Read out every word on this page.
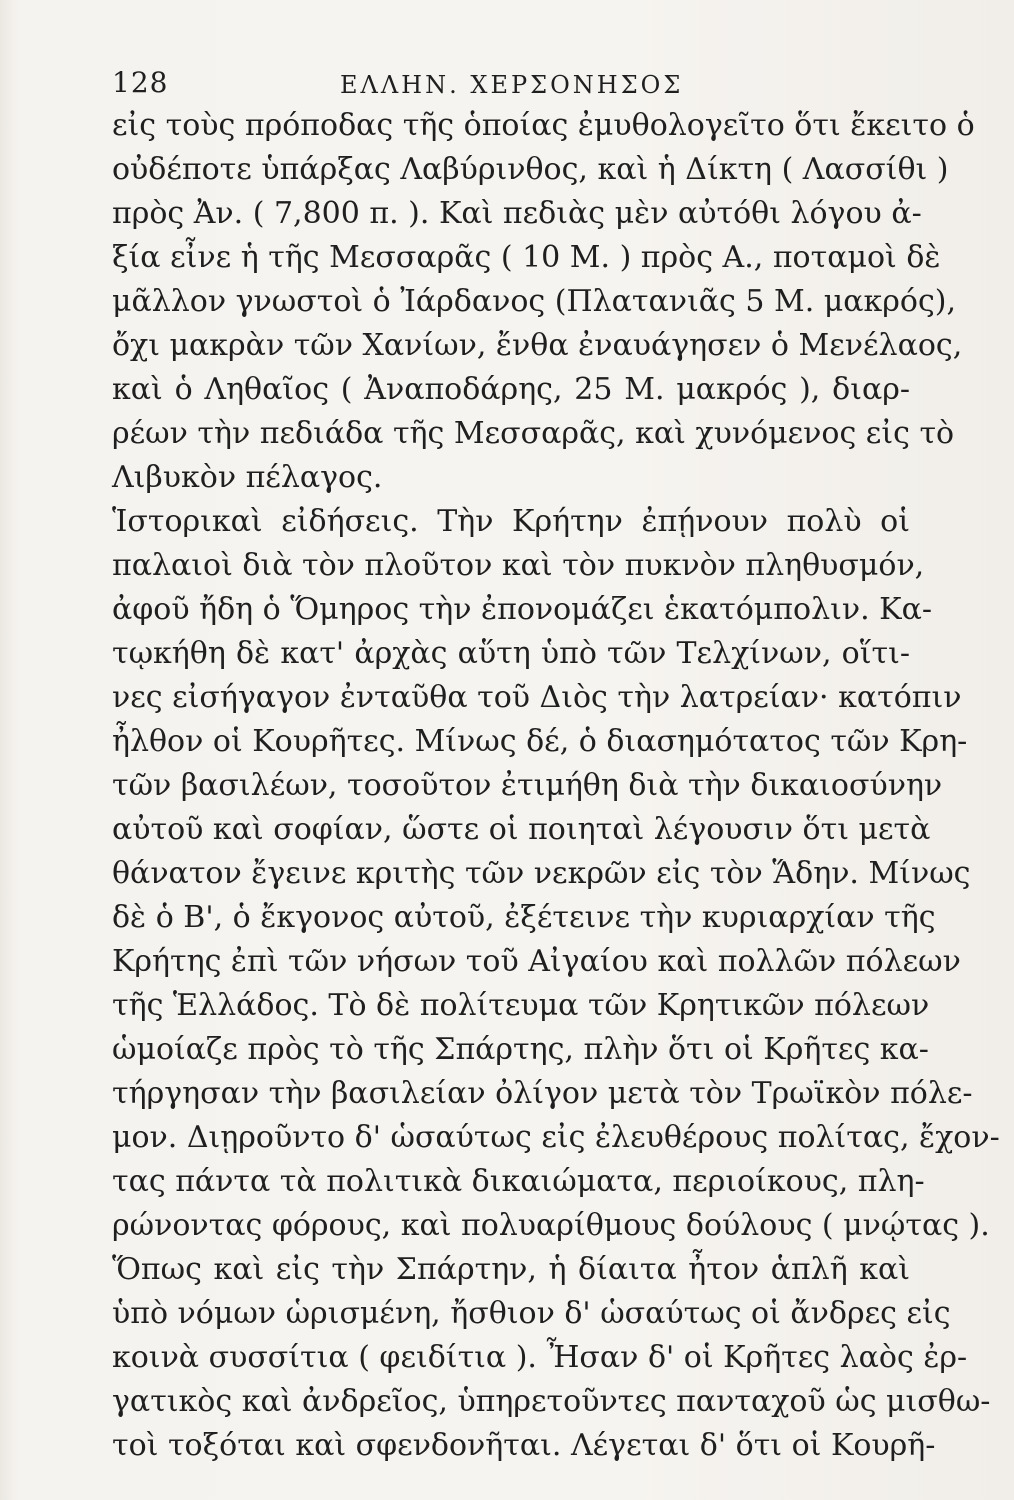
128	ΕΛΛΗΝ. ΧΕΡΣΟΝΗΣΟΣ
εἰς τοὺς πρόποδας τῆς ὁποίας ἐμυθολογεῖτο ὅτι ἔκειτο ὁ
οὐδέποτε ὑπάρξας Λαβύρινθος, καὶ ἡ Δίκτη ( Λασσίθι )
πρὸς Ἀν. ( 7,800 π. ). Καὶ πεδιὰς μὲν αὐτόθι λόγου ἀ-
ξία εἶνε ἡ τῆς Μεσσαρᾶς ( 10 Μ. ) πρὸς Α., ποταμοὶ δὲ
μᾶλλον γνωστοὶ ὁ Ἰάρδανος (Πλατανιᾶς 5 Μ. μακρός),
ὄχι μακρὰν τῶν Χανίων, ἔνθα ἐναυάγησεν ὁ Μενέλαος,
καὶ ὁ Ληθαῖος ( Ἀναποδάρης, 25 Μ. μακρός ), διαρ-
ρέων τὴν πεδιάδα τῆς Μεσσαρᾶς, καὶ χυνόμενος εἰς τὸ
Λιβυκὸν πέλαγος.
Ἱστορικαὶ εἰδήσεις. Τὴν Κρήτην ἐπῄνουν πολὺ οἱ
παλαιοὶ διὰ τὸν πλοῦτον καὶ τὸν πυκνὸν πληθυσμόν,
ἀφοῦ ἤδη ὁ Ὅμηρος τὴν ἐπονομάζει ἑκατόμπολιν. Κα-
τῳκήθη δὲ κατ' ἀρχὰς αὕτη ὑπὸ τῶν Τελχίνων, οἵτι-
νες εἰσήγαγον ἐνταῦθα τοῦ Διὸς τὴν λατρείαν· κατόπιν
ἦλθον οἱ Κουρῆτες. Μίνως δέ, ὁ διασημότατος τῶν Κρη-
τῶν βασιλέων, τοσοῦτον ἐτιμήθη διὰ τὴν δικαιοσύνην
αὐτοῦ καὶ σοφίαν, ὥστε οἱ ποιηταὶ λέγουσιν ὅτι μετὰ
θάνατον ἔγεινε κριτὴς τῶν νεκρῶν εἰς τὸν Ἅδην. Μίνως
δὲ ὁ Β', ὁ ἔκγονος αὐτοῦ, ἐξέτεινε τὴν κυριαρχίαν τῆς
Κρήτης ἐπὶ τῶν νήσων τοῦ Αἰγαίου καὶ πολλῶν πόλεων
τῆς Ἑλλάδος. Τὸ δὲ πολίτευμα τῶν Κρητικῶν πόλεων
ὡμοίαζε πρὸς τὸ τῆς Σπάρτης, πλὴν ὅτι οἱ Κρῆτες κα-
τήργησαν τὴν βασιλείαν ὀλίγον μετὰ τὸν Τρωϊκὸν πόλε-
μον. Διῃροῦντο δ' ὡσαύτως εἰς ἐλευθέρους πολίτας, ἔχον-
τας πάντα τὰ πολιτικὰ δικαιώματα, περιοίκους, πλη-
ρώνοντας φόρους, καὶ πολυαρίθμους δούλους ( μνῴτας ).
Ὅπως καὶ εἰς τὴν Σπάρτην, ἡ δίαιτα ἦτον ἁπλῆ καὶ
ὑπὸ νόμων ὡρισμένη, ἤσθιον δ' ὡσαύτως οἱ ἄνδρες εἰς
κοινὰ συσσίτια ( φειδίτια ). Ἦσαν δ' οἱ Κρῆτες λαὸς ἐρ-
γατικὸς καὶ ἀνδρεῖος, ὑπηρετοῦντες πανταχοῦ ὡς μισθω-
τοὶ τοξόται καὶ σφενδονῆται. Λέγεται δ' ὅτι οἱ Κουρῆ-
